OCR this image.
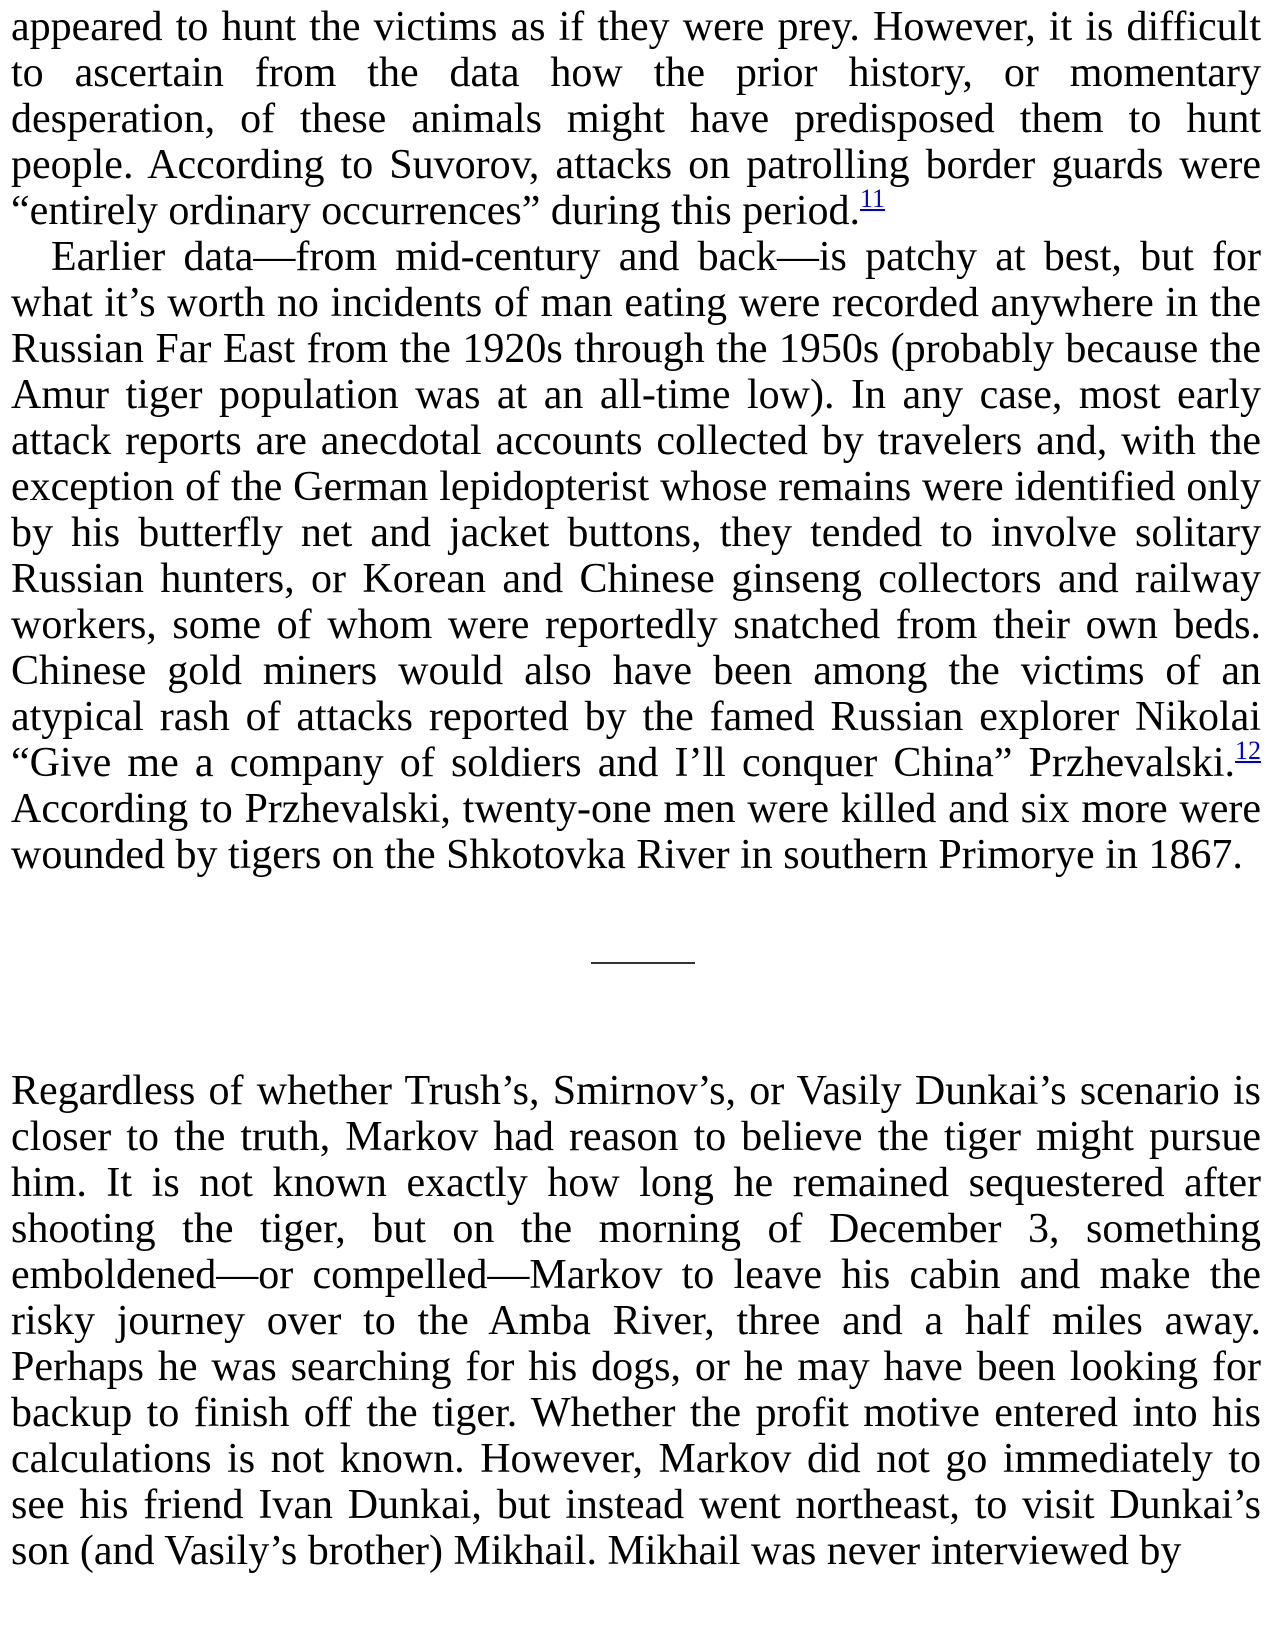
appeared to hunt the victims as if they were prey. However, it is difficult to ascertain from the data how the prior history, or momentary desperation, of these animals might have predisposed them to hunt people. According to Suvorov, attacks on patrolling border guards were “entirely ordinary occurrences” during this period.$^{11}$

Earlier data—from mid-century and back—is patchy at best, but for what it’s worth no incidents of man eating were recorded anywhere in the Russian Far East from the 1920s through the 1950s (probably because the Amur tiger population was at an all-time low). In any case, most early attack reports are anecdotal accounts collected by travelers and, with the exception of the German lepidopterist whose remains were identified only by his butterfly net and jacket buttons, they tended to involve solitary Russian hunters, or Korean and Chinese ginseng collectors and railway workers, some of whom were reportedly snatched from their own beds. Chinese gold miners would also have been among the victims of an atypical rash of attacks reported by the famed Russian explorer Nikolai “Give me a company of soldiers and I’ll conquer China” Przhevalski.$^{12}$ According to Przhevalski, twenty-one men were killed and six more were wounded by tigers on the Shkotovka River in southern Primorye in 1867.

Regardless of whether Trush’s, Smirnov’s, or Vasily Dunkai’s scenario is closer to the truth, Markov had reason to believe the tiger might pursue him. It is not known exactly how long he remained sequestered after shooting the tiger, but on the morning of December 3, something emboldened—or compelled—Markov to leave his cabin and make the risky journey over to the Amba River, three and a half miles away. Perhaps he was searching for his dogs, or he may have been looking for backup to finish off the tiger. Whether the profit motive entered into his calculations is not known. However, Markov did not go immediately to see his friend Ivan Dunkai, but instead went northeast, to visit Dunkai’s son (and Vasily’s brother) Mikhail. Mikhail was never interviewed by
